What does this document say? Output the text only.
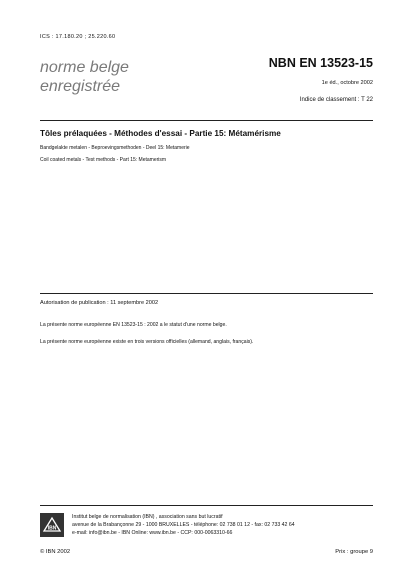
ICS : 17.180.20 ; 25.220.60
norme belge
enregistrée
NBN EN 13523-15
1e éd., octobre 2002
Indice de classement : T 22
Tôles prélaquées - Méthodes d'essai - Partie 15: Métamérisme
Bandgelakte metalen - Beproevingsmethoden - Deel 15: Metamerie
Coil coated metals - Test methods - Part 15: Metamerism
Autorisation de publication : 11 septembre 2002
La présente norme européenne EN 13523-15 : 2002 a le statut d'une norme belge.
La présente norme européenne existe en trois versions officielles (allemand, anglais, français).
IBN
Institut belge de normalisation (IBN) , association sans but lucratif
avenue de la Brabançonne 29 - 1000 BRUXELLES - téléphone: 02 738 01 12 - fax: 02 733 42 64
e-mail: info@ibn.be - IBN Online: www.ibn.be - CCP: 000-0063310-66
© IBN 2002	Prix : groupe 9
